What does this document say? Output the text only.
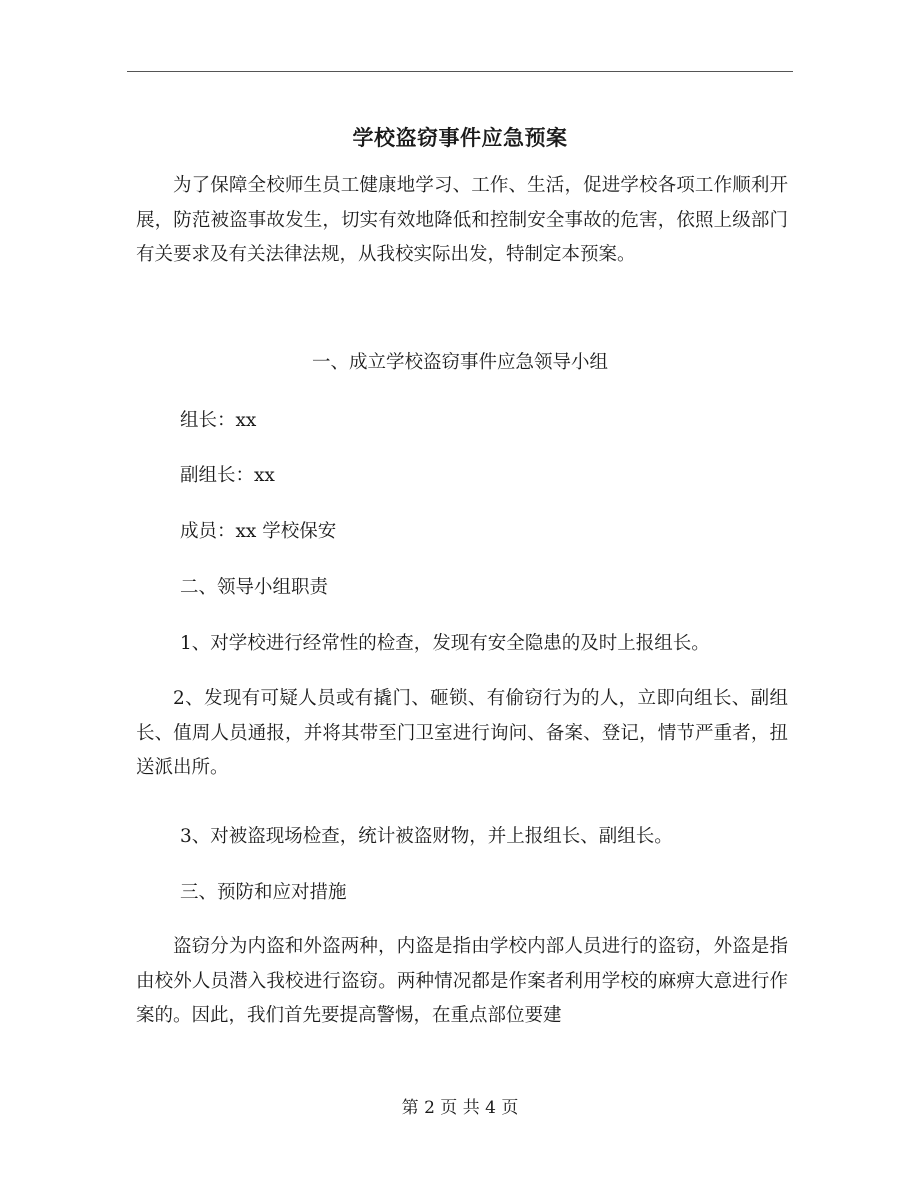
学校盗窃事件应急预案

为了保障全校师生员工健康地学习、工作、生活，促进学校各项工作顺利开展，防范被盗事故发生，切实有效地降低和控制安全事故的危害，依照上级部门有关要求及有关法律法规，从我校实际出发，特制定本预案。

一、成立学校盗窃事件应急领导小组

组长：xx

副组长：xx

成员：xx 学校保安

二、领导小组职责

1、对学校进行经常性的检查，发现有安全隐患的及时上报组长。

2、发现有可疑人员或有撬门、砸锁、有偷窃行为的人，立即向组长、副组长、值周人员通报，并将其带至门卫室进行询问、备案、登记，情节严重者，扭送派出所。

3、对被盗现场检查，统计被盗财物，并上报组长、副组长。

三、预防和应对措施

盗窃分为内盗和外盗两种，内盗是指由学校内部人员进行的盗窃，外盗是指由校外人员潜入我校进行盗窃。两种情况都是作案者利用学校的麻痹大意进行作案的。因此，我们首先要提高警惕，在重点部位要建

第 2 页 共 4 页
